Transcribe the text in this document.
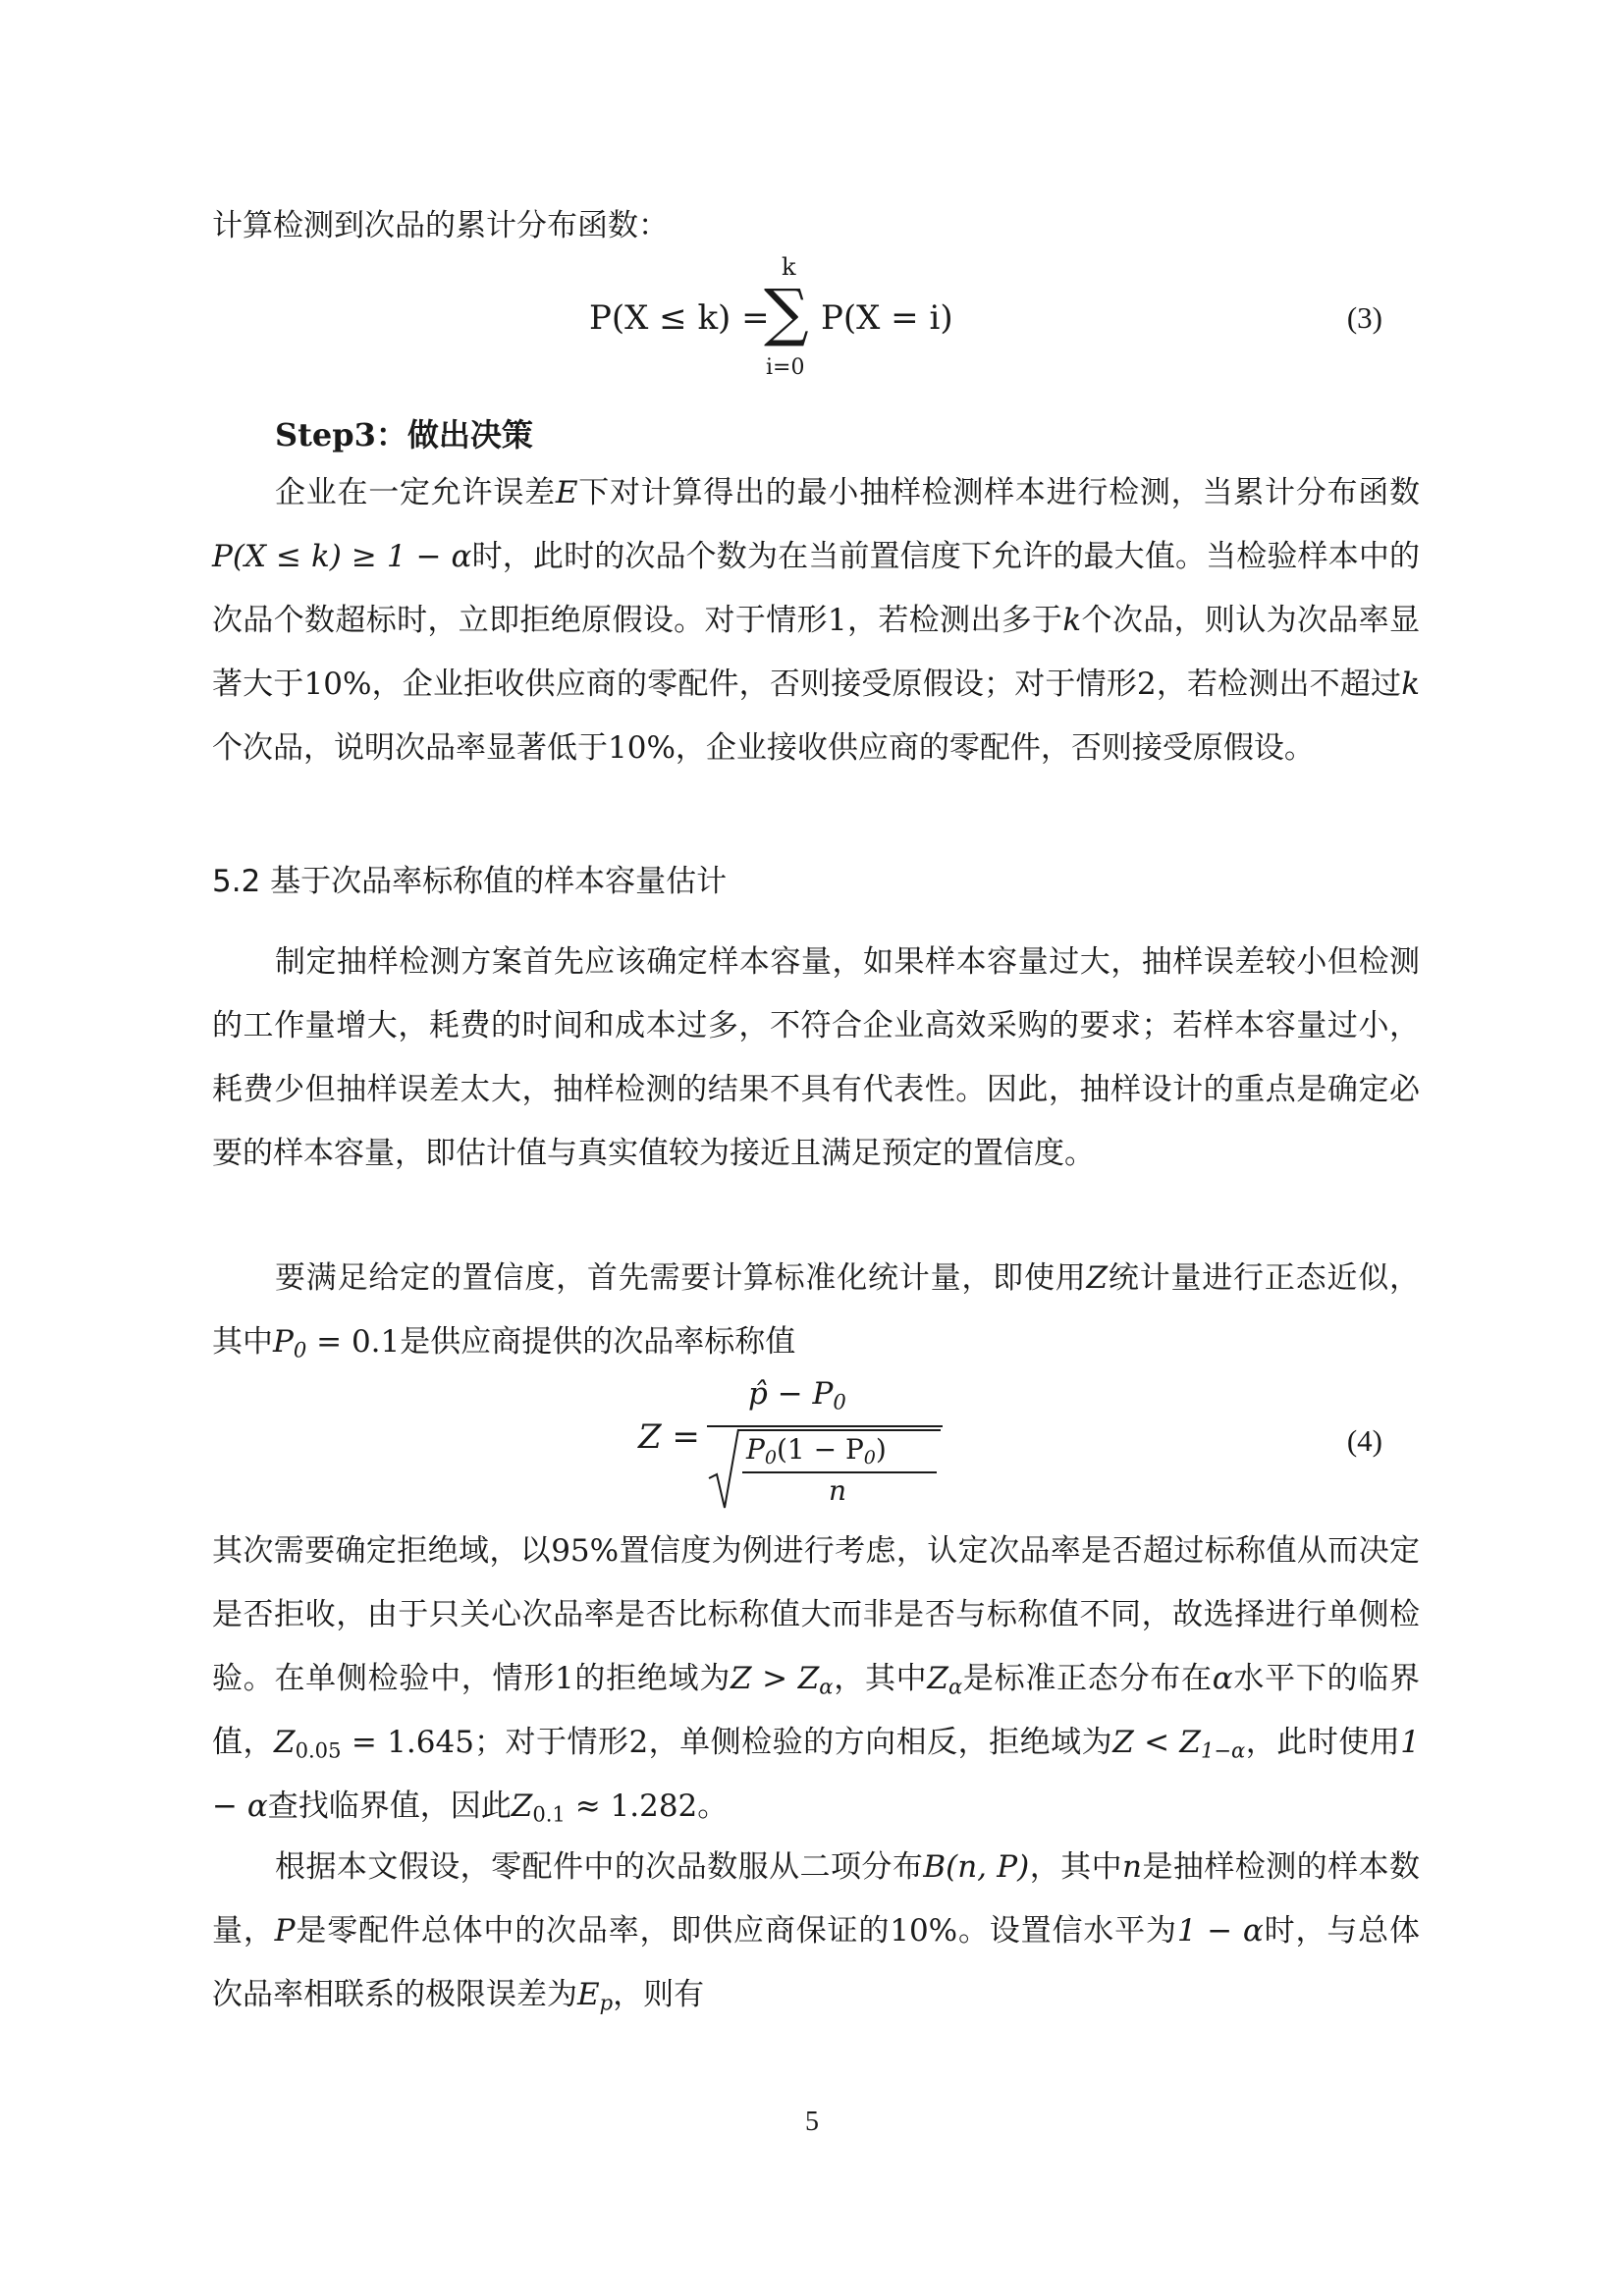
计算检测到次品的累计分布函数：

P(X ≤ k) =
k
∑
i=0
P(X = i)	(3)

Step3：做出决策

企业在一定允许误差E下对计算得出的最小抽样检测样本进行检测，当累计分布函数P(X ≤ k) ≥ 1 − α时，此时的次品个数为在当前置信度下允许的最大值。当检验样本中的次品个数超标时，立即拒绝原假设。对于情形1，若检测出多于k个次品，则认为次品率显著大于10%，企业拒收供应商的零配件，否则接受原假设；对于情形2，若检测出不超过k个次品，说明次品率显著低于10%，企业接收供应商的零配件，否则接受原假设。

5.2 基于次品率标称值的样本容量估计

制定抽样检测方案首先应该确定样本容量，如果样本容量过大，抽样误差较小但检测的工作量增大，耗费的时间和成本过多，不符合企业高效采购的要求；若样本容量过小，耗费少但抽样误差太大，抽样检测的结果不具有代表性。因此，抽样设计的重点是确定必要的样本容量，即估计值与真实值较为接近且满足预定的置信度。

要满足给定的置信度，首先需要计算标准化统计量，即使用Z统计量进行正态近似，其中$P_0 = 0.1$是供应商提供的次品率标称值

Z =
p̂ − $P_0$
$P_0(1 - P_0)$
n
(4)

其次需要确定拒绝域，以95%置信度为例进行考虑，认定次品率是否超过标称值从而决定是否拒收，由于只关心次品率是否比标称值大而非是否与标称值不同，故选择进行单侧检验。在单侧检验中，情形1的拒绝域为$Z > Z_\alpha$，其中$Z_\alpha$是标准正态分布在α水平下的临界值，$Z_{0.05} = 1.645$；对于情形2，单侧检验的方向相反，拒绝域为$Z < Z_{1-\alpha}$，此时使用1 − α查找临界值，因此$Z_{0.1} \approx 1.282$。

根据本文假设，零配件中的次品数服从二项分布B(n, P)，其中n是抽样检测的样本数量，P是零配件总体中的次品率，即供应商保证的10%。设置信水平为1 − α时，与总体次品率相联系的极限误差为$E_p$，则有

5
